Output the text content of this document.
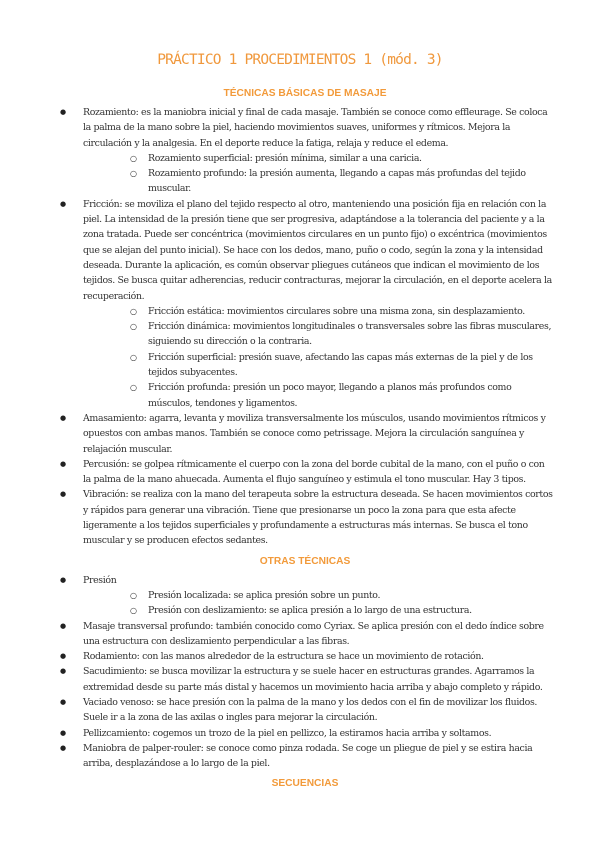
PRÁCTICO 1 PROCEDIMIENTOS 1 (mód. 3)
TÉCNICAS BÁSICAS DE MASAJE
● Rozamiento: es la maniobra inicial y final de cada masaje. También se conoce como effleurage. Se coloca la palma de la mano sobre la piel, haciendo movimientos suaves, uniformes y rítmicos. Mejora la circulación y la analgesia. En el deporte reduce la fatiga, relaja y reduce el edema.
○ Rozamiento superficial: presión mínima, similar a una caricia.
○ Rozamiento profundo: la presión aumenta, llegando a capas más profundas del tejido muscular.
● Fricción: se moviliza el plano del tejido respecto al otro, manteniendo una posición fija en relación con la piel. La intensidad de la presión tiene que ser progresiva, adaptándose a la tolerancia del paciente y a la zona tratada. Puede ser concéntrica (movimientos circulares en un punto fijo) o excéntrica (movimientos que se alejan del punto inicial). Se hace con los dedos, mano, puño o codo, según la zona y la intensidad deseada. Durante la aplicación, es común observar pliegues cutáneos que indican el movimiento de los tejidos. Se busca quitar adherencias, reducir contracturas, mejorar la circulación, en el deporte acelera la recuperación.
○ Fricción estática: movimientos circulares sobre una misma zona, sin desplazamiento.
○ Fricción dinámica: movimientos longitudinales o transversales sobre las fibras musculares, siguiendo su dirección o la contraria.
○ Fricción superficial: presión suave, afectando las capas más externas de la piel y de los tejidos subyacentes.
○ Fricción profunda: presión un poco mayor, llegando a planos más profundos como músculos, tendones y ligamentos.
● Amasamiento: agarra, levanta y moviliza transversalmente los músculos, usando movimientos rítmicos y opuestos con ambas manos. También se conoce como petrissage. Mejora la circulación sanguínea y relajación muscular.
● Percusión: se golpea rítmicamente el cuerpo con la zona del borde cubital de la mano, con el puño o con la palma de la mano ahuecada. Aumenta el flujo sanguíneo y estimula el tono muscular. Hay 3 tipos.
● Vibración: se realiza con la mano del terapeuta sobre la estructura deseada. Se hacen movimientos cortos y rápidos para generar una vibración. Tiene que presionarse un poco la zona para que esta afecte ligeramente a los tejidos superficiales y profundamente a estructuras más internas. Se busca el tono muscular y se producen efectos sedantes.
OTRAS TÉCNICAS
● Presión
○ Presión localizada: se aplica presión sobre un punto.
○ Presión con deslizamiento: se aplica presión a lo largo de una estructura.
● Masaje transversal profundo: también conocido como Cyriax. Se aplica presión con el dedo índice sobre una estructura con deslizamiento perpendicular a las fibras.
● Rodamiento: con las manos alrededor de la estructura se hace un movimiento de rotación.
● Sacudimiento: se busca movilizar la estructura y se suele hacer en estructuras grandes. Agarramos la extremidad desde su parte más distal y hacemos un movimiento hacia arriba y abajo completo y rápido.
● Vaciado venoso: se hace presión con la palma de la mano y los dedos con el fin de movilizar los fluidos. Suele ir a la zona de las axilas o ingles para mejorar la circulación.
● Pellizcamiento: cogemos un trozo de la piel en pellizco, la estiramos hacia arriba y soltamos.
● Maniobra de palper-rouler: se conoce como pinza rodada. Se coge un pliegue de piel y se estira hacia arriba, desplazándose a lo largo de la piel.
SECUENCIAS
